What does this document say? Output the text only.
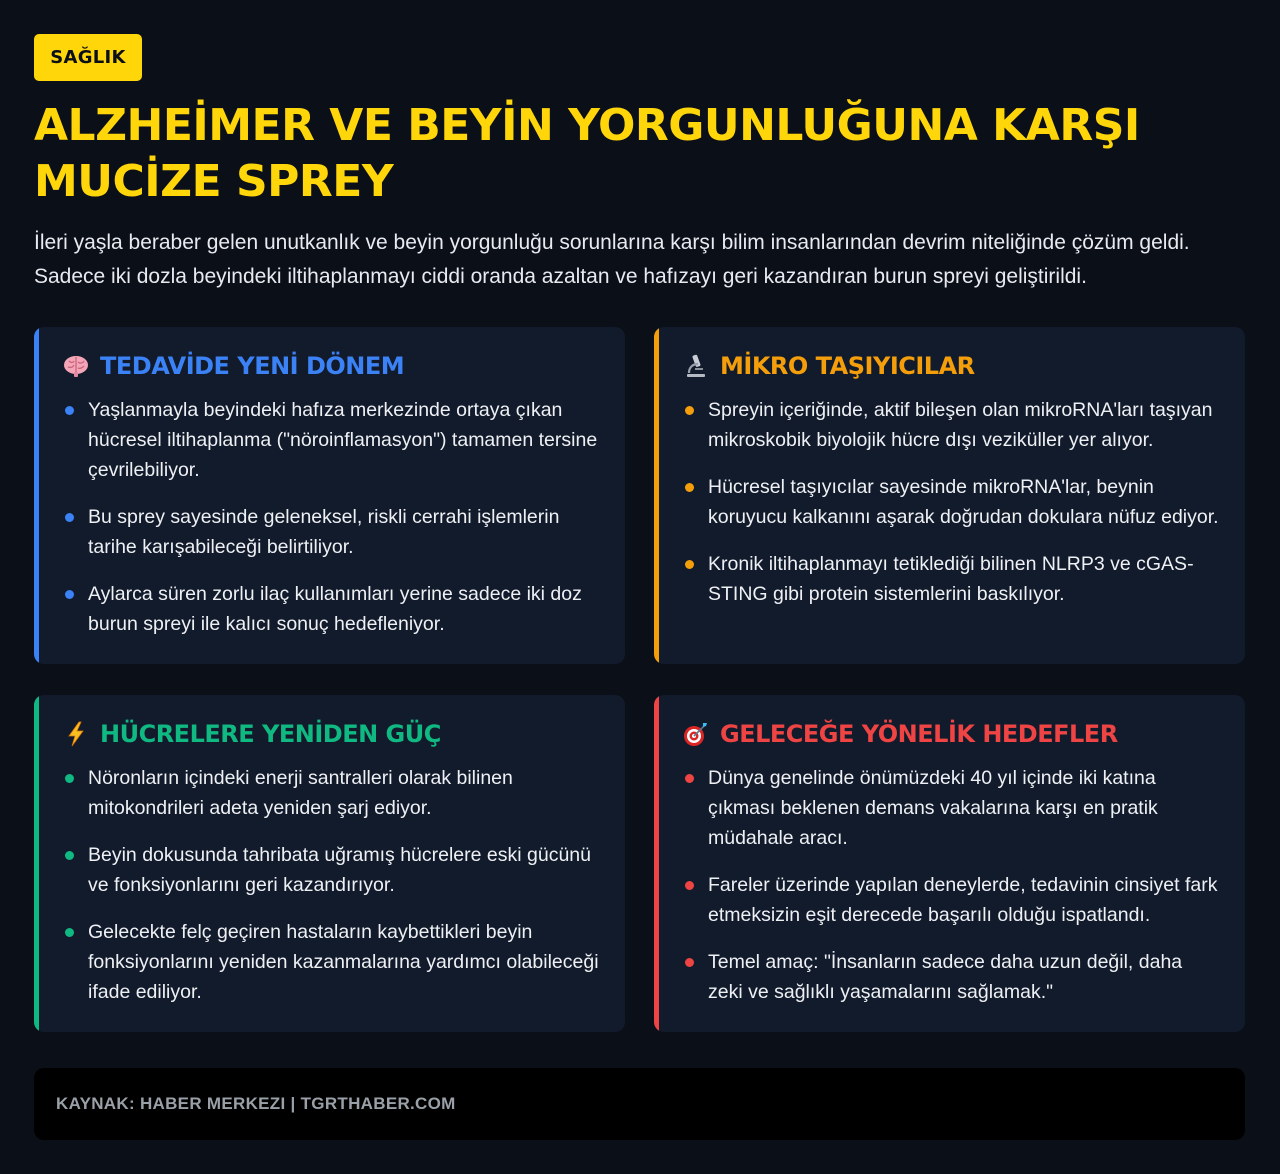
SAĞLIK
ALZHEİMER VE BEYİN YORGUNLUĞUNA KARŞI MUCİZE SPREY

İleri yaşla beraber gelen unutkanlık ve beyin yorgunluğu sorunlarına karşı bilim insanlarından devrim niteliğinde çözüm geldi. Sadece iki dozla beyindeki iltihaplanmayı ciddi oranda azaltan ve hafızayı geri kazandıran burun spreyi geliştirildi.

TEDAVİDE YENİ DÖNEM
Yaşlanmayla beyindeki hafıza merkezinde ortaya çıkan hücresel iltihaplanma ("nöroinflamasyon") tamamen tersine çevrilebiliyor.
Bu sprey sayesinde geleneksel, riskli cerrahi işlemlerin tarihe karışabileceği belirtiliyor.
Aylarca süren zorlu ilaç kullanımları yerine sadece iki doz burun spreyi ile kalıcı sonuç hedefleniyor.
MİKRO TAŞIYICILAR
Spreyin içeriğinde, aktif bileşen olan mikroRNA'ları taşıyan mikroskobik biyolojik hücre dışı veziküller yer alıyor.
Hücresel taşıyıcılar sayesinde mikroRNA'lar, beynin koruyucu kalkanını aşarak doğrudan dokulara nüfuz ediyor.
Kronik iltihaplanmayı tetiklediği bilinen NLRP3 ve cGAS-STING gibi protein sistemlerini baskılıyor.
HÜCRELERE YENİDEN GÜÇ
Nöronların içindeki enerji santralleri olarak bilinen mitokondrileri adeta yeniden şarj ediyor.
Beyin dokusunda tahribata uğramış hücrelere eski gücünü ve fonksiyonlarını geri kazandırıyor.
Gelecekte felç geçiren hastaların kaybettikleri beyin fonksiyonlarını yeniden kazanmalarına yardımcı olabileceği ifade ediliyor.
GELECEĞE YÖNELİK HEDEFLER
Dünya genelinde önümüzdeki 40 yıl içinde iki katına çıkması beklenen demans vakalarına karşı en pratik müdahale aracı.
Fareler üzerinde yapılan deneylerde, tedavinin cinsiyet fark etmeksizin eşit derecede başarılı olduğu ispatlandı.
Temel amaç: "İnsanların sadece daha uzun değil, daha zeki ve sağlıklı yaşamalarını sağlamak."
KAYNAK: HABER MERKEZI | TGRTHABER.COM
